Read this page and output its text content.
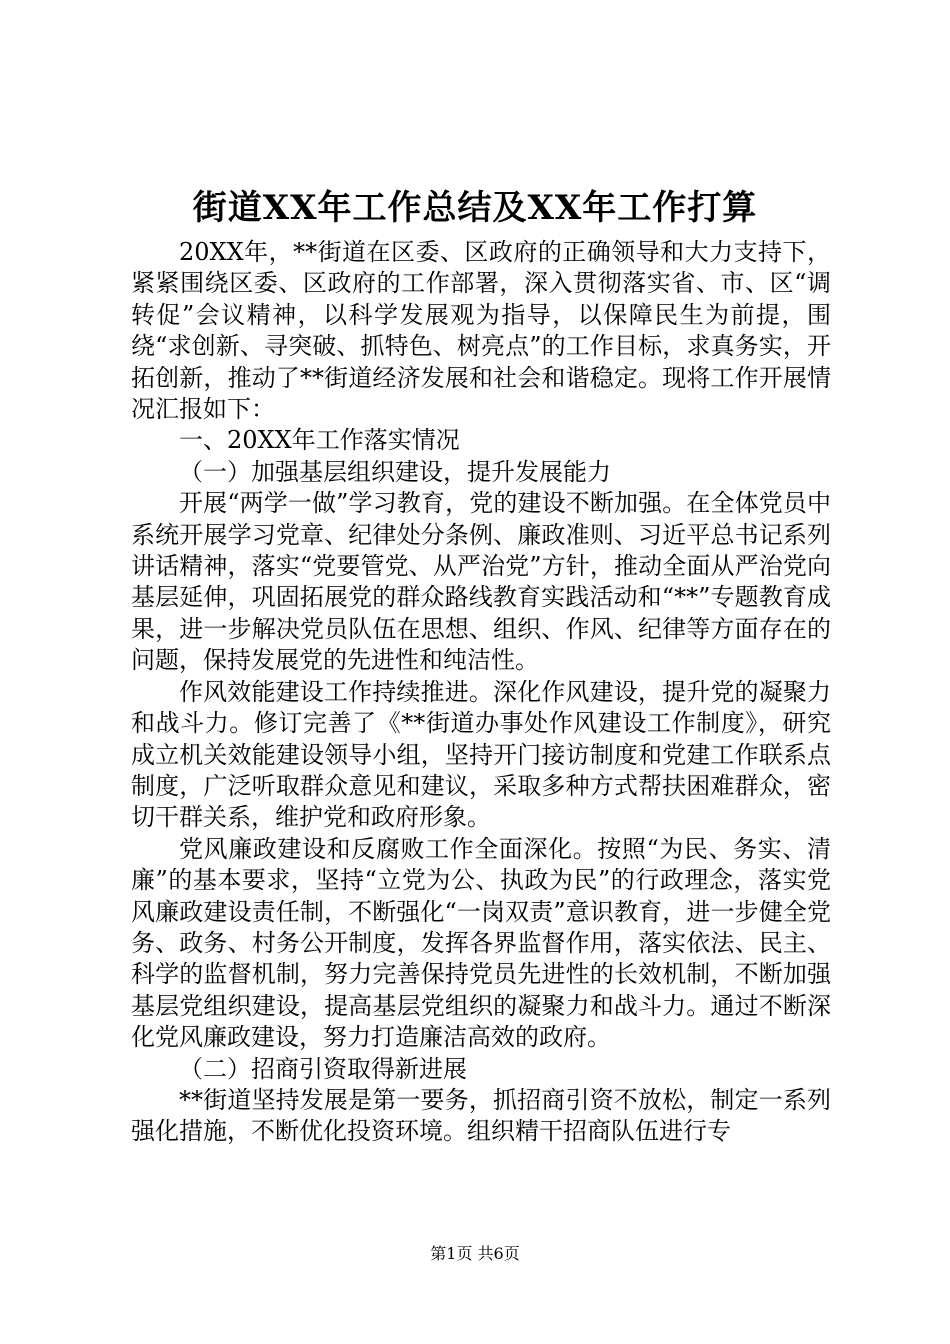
街道XX年工作总结及XX年工作打算

20XX年，**街道在区委、区政府的正确领导和大力支持下，紧紧围绕区委、区政府的工作部署，深入贯彻落实省、市、区“调转促”会议精神，以科学发展观为指导，以保障民生为前提，围绕“求创新、寻突破、抓特色、树亮点”的工作目标，求真务实，开拓创新，推动了**街道经济发展和社会和谐稳定。现将工作开展情况汇报如下：

一、20XX年工作落实情况

（一）加强基层组织建设，提升发展能力

开展“两学一做”学习教育，党的建设不断加强。在全体党员中系统开展学习党章、纪律处分条例、廉政准则、习近平总书记系列讲话精神，落实“党要管党、从严治党”方针，推动全面从严治党向基层延伸，巩固拓展党的群众路线教育实践活动和“**”专题教育成果，进一步解决党员队伍在思想、组织、作风、纪律等方面存在的问题，保持发展党的先进性和纯洁性。

作风效能建设工作持续推进。深化作风建设，提升党的凝聚力和战斗力。修订完善了《**街道办事处作风建设工作制度》，研究成立机关效能建设领导小组，坚持开门接访制度和党建工作联系点制度，广泛听取群众意见和建议，采取多种方式帮扶困难群众，密切干群关系，维护党和政府形象。

党风廉政建设和反腐败工作全面深化。按照“为民、务实、清廉”的基本要求，坚持“立党为公、执政为民”的行政理念，落实党风廉政建设责任制，不断强化“一岗双责”意识教育，进一步健全党务、政务、村务公开制度，发挥各界监督作用，落实依法、民主、科学的监督机制，努力完善保持党员先进性的长效机制，不断加强基层党组织建设，提高基层党组织的凝聚力和战斗力。通过不断深化党风廉政建设，努力打造廉洁高效的政府。

（二）招商引资取得新进展

**街道坚持发展是第一要务，抓招商引资不放松，制定一系列强化措施，不断优化投资环境。组织精干招商队伍进行专

第1页 共6页
